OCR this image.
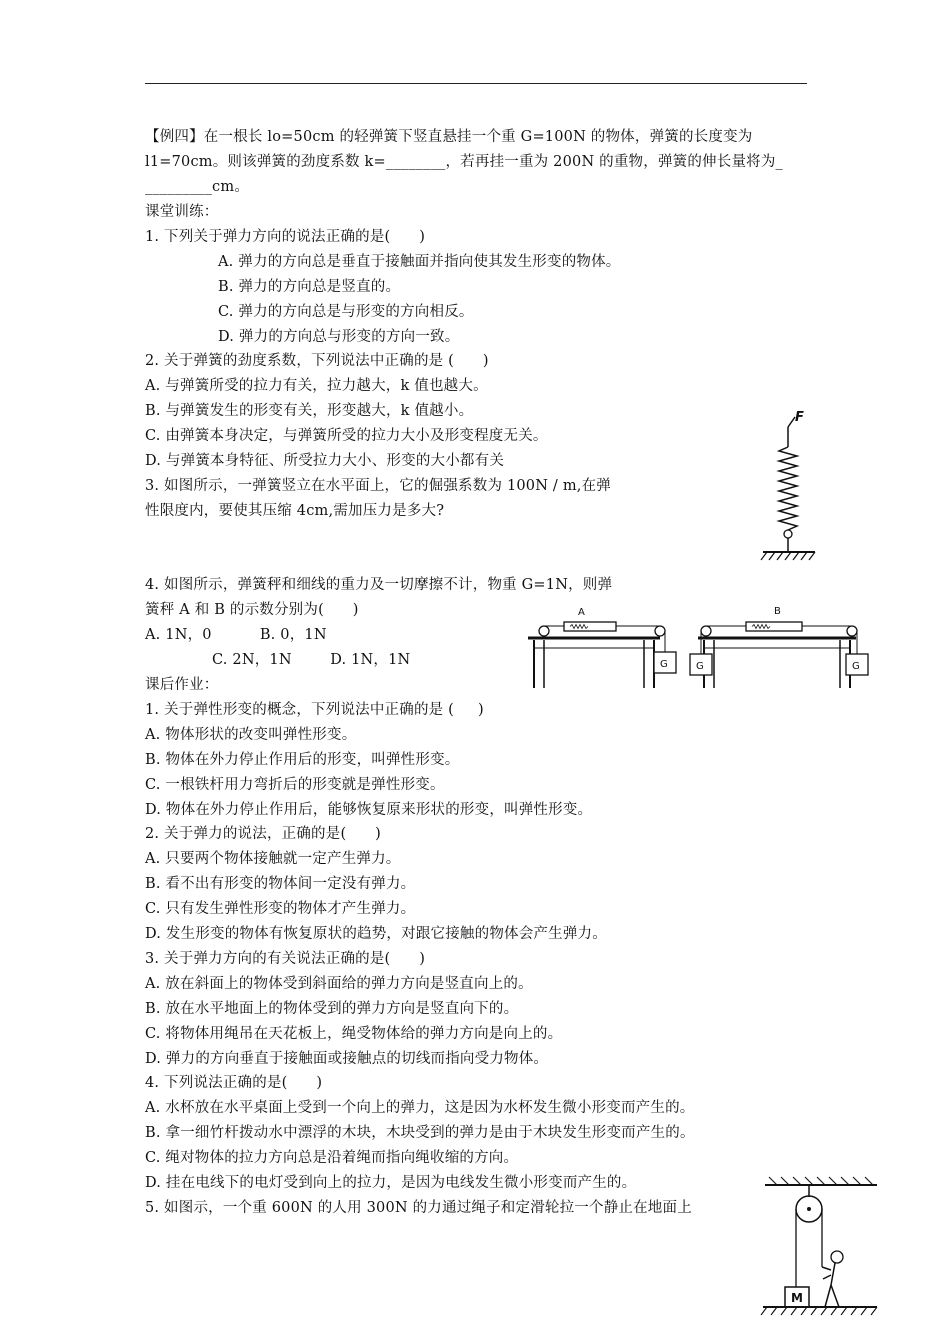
【例四】在一根长 lo=50cm 的轻弹簧下竖直悬挂一个重 G=100N 的物体，弹簧的长度变为
l1=70cm。则该弹簧的劲度系数 k=________，若再挂一重为 200N 的重物，弹簧的伸长量将为_
_________cm。
课堂训练：
1. 下列关于弹力方向的说法正确的是(      )
A. 弹力的方向总是垂直于接触面并指向使其发生形变的物体。
B. 弹力的方向总是竖直的。
C. 弹力的方向总是与形变的方向相反。
D. 弹力的方向总与形变的方向一致。
2. 关于弹簧的劲度系数，下列说法中正确的是 (      )
A. 与弹簧所受的拉力有关，拉力越大，k 值也越大。
B. 与弹簧发生的形变有关，形变越大，k 值越小。
C. 由弹簧本身决定，与弹簧所受的拉力大小及形变程度无关。
D. 与弹簧本身特征、所受拉力大小、形变的大小都有关
3. 如图所示，一弹簧竖立在水平面上，它的倔强系数为 100N / m,在弹
性限度内，要使其压缩 4cm,需加压力是多大?
F
4. 如图所示，弹簧秤和细线的重力及一切摩擦不计，物重 G=1N，则弹
簧秤 A 和 B 的示数分别为(      )
A. 1N，0          B. 0，1N
C. 2N，1N        D. 1N，1N
A
G
B
G	G
课后作业：
1. 关于弹性形变的概念，下列说法中正确的是 (     )
A. 物体形状的改变叫弹性形变。
B. 物体在外力停止作用后的形变，叫弹性形变。
C. 一根铁杆用力弯折后的形变就是弹性形变。
D. 物体在外力停止作用后，能够恢复原来形状的形变，叫弹性形变。
2. 关于弹力的说法，正确的是(      )
A. 只要两个物体接触就一定产生弹力。
B. 看不出有形变的物体间一定没有弹力。
C. 只有发生弹性形变的物体才产生弹力。
D. 发生形变的物体有恢复原状的趋势，对跟它接触的物体会产生弹力。
3. 关于弹力方向的有关说法正确的是(      )
A. 放在斜面上的物体受到斜面给的弹力方向是竖直向上的。
B. 放在水平地面上的物体受到的弹力方向是竖直向下的。
C. 将物体用绳吊在天花板上，绳受物体给的弹力方向是向上的。
D. 弹力的方向垂直于接触面或接触点的切线而指向受力物体。
4. 下列说法正确的是(      )
A. 水杯放在水平桌面上受到一个向上的弹力，这是因为水杯发生微小形变而产生的。
B. 拿一细竹杆拨动水中漂浮的木块，木块受到的弹力是由于木块发生形变而产生的。
C. 绳对物体的拉力方向总是沿着绳而指向绳收缩的方向。
D. 挂在电线下的电灯受到向上的拉力，是因为电线发生微小形变而产生的。
5. 如图示，一个重 600N 的人用 300N 的力通过绳子和定滑轮拉一个静止在地面上
M
